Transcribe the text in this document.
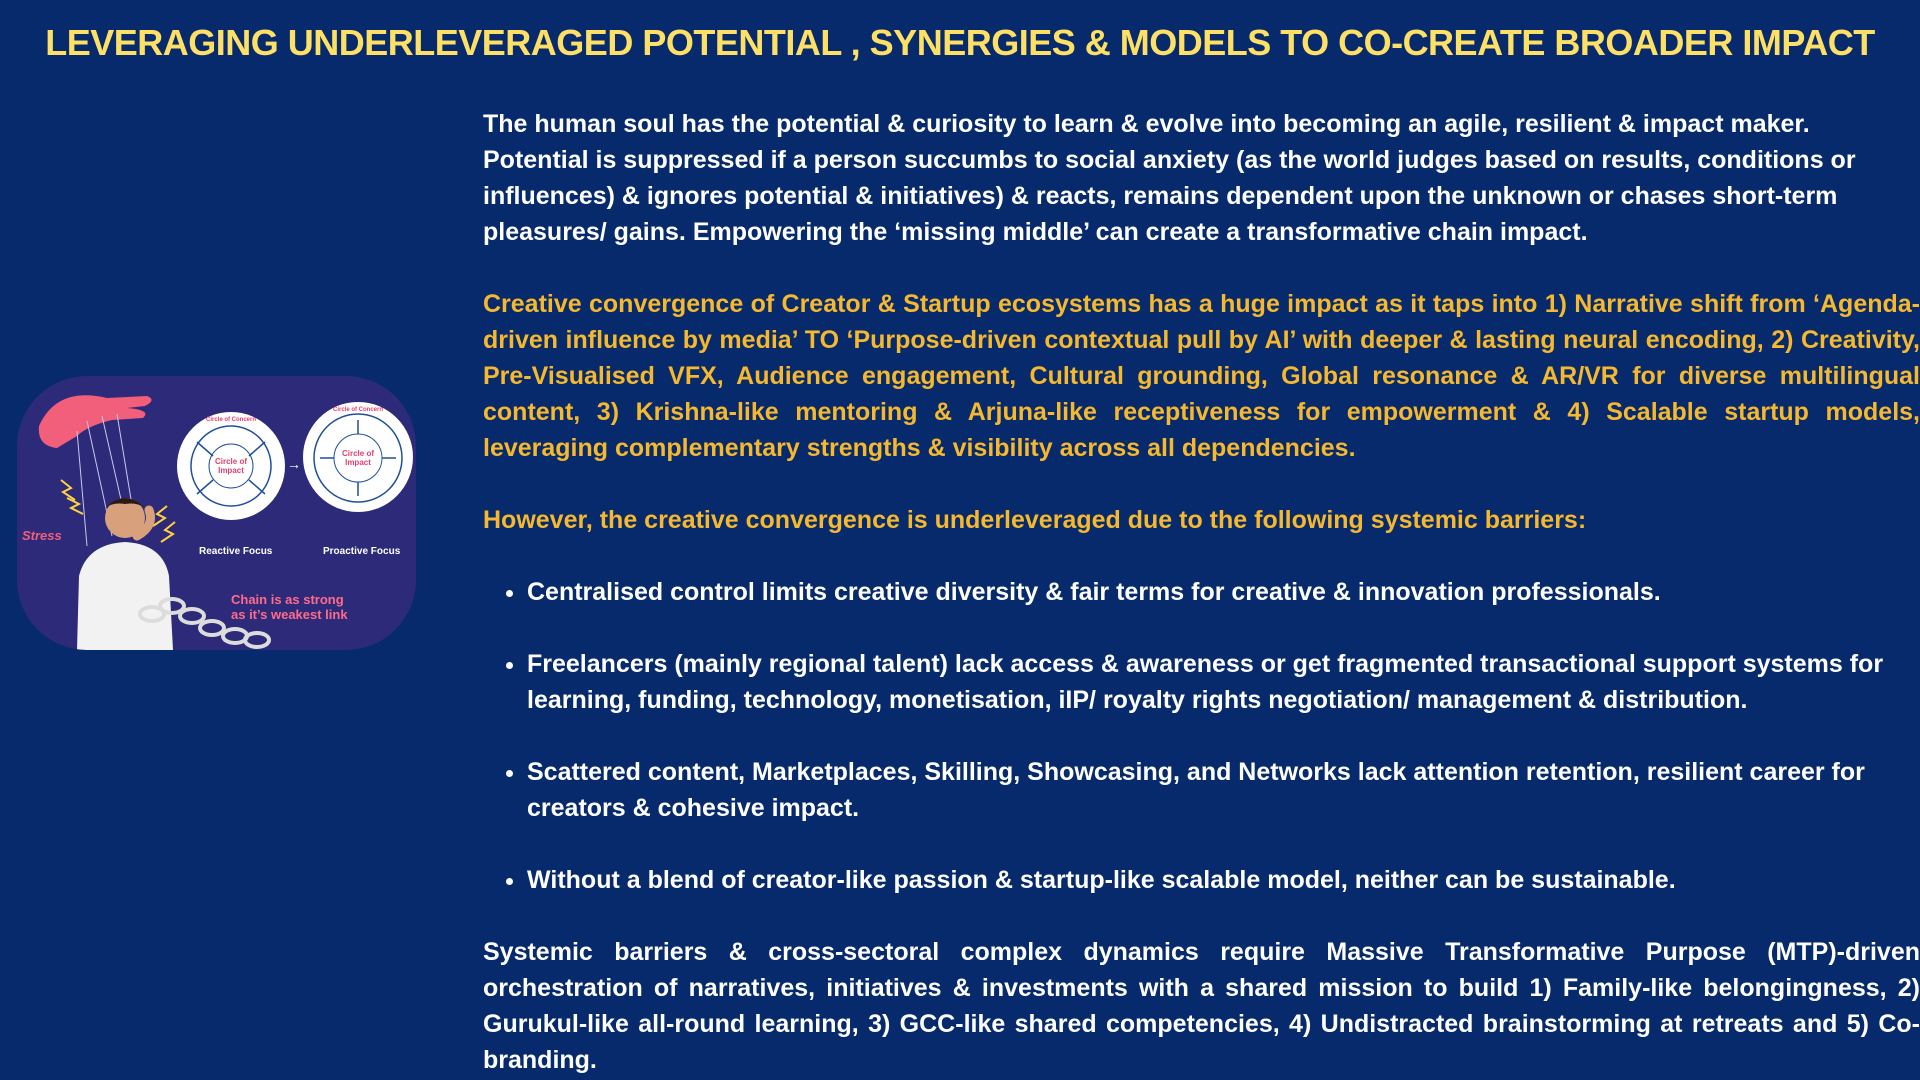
LEVERAGING UNDERLEVERAGED POTENTIAL , SYNERGIES & MODELS TO CO-CREATE BROADER IMPACT

The human soul has the potential & curiosity to learn & evolve into becoming an agile, resilient & impact maker. Potential is suppressed if a person succumbs to social anxiety (as the world judges based on results, conditions or influences) & ignores potential & initiatives) & reacts, remains dependent upon the unknown or chases short-term pleasures/ gains. Empowering the ‘missing middle’ can create a transformative chain impact.

Creative convergence of Creator & Startup ecosystems has a huge impact as it taps into 1) Narrative shift from ‘Agenda-driven influence by media’ TO ‘Purpose-driven contextual pull by AI’ with deeper & lasting neural encoding, 2) Creativity, Pre-Visualised VFX, Audience engagement, Cultural grounding, Global resonance & AR/VR for diverse multilingual content, 3) Krishna-like mentoring & Arjuna-like receptiveness for empowerment & 4) Scalable startup models, leveraging complementary strengths & visibility across all dependencies.

However, the creative convergence is underleveraged due to the following systemic barriers:

• Centralised control limits creative diversity & fair terms for creative & innovation professionals.
• Freelancers (mainly regional talent) lack access & awareness or get fragmented transactional support systems for learning, funding, technology, monetisation, iIP/ royalty rights negotiation/ management & distribution.
• Scattered content, Marketplaces, Skilling, Showcasing, and Networks lack attention retention, resilient career for creators & cohesive impact.
• Without a blend of creator-like passion & startup-like scalable model, neither can be sustainable.

Systemic barriers & cross-sectoral complex dynamics require Massive Transformative Purpose (MTP)-driven orchestration of narratives, initiatives & investments with a shared mission to build 1) Family-like belongingness, 2) Gurukul-like all-round learning, 3) GCC-like shared competencies, 4) Undistracted brainstorming at retreats and 5) Co-branding.

Circle of Concern
Circle of Impact
Circle of Concern
Circle of Impact
→
Reactive Focus	Proactive Focus
Stress
Chain is as strong
as it’s weakest link
